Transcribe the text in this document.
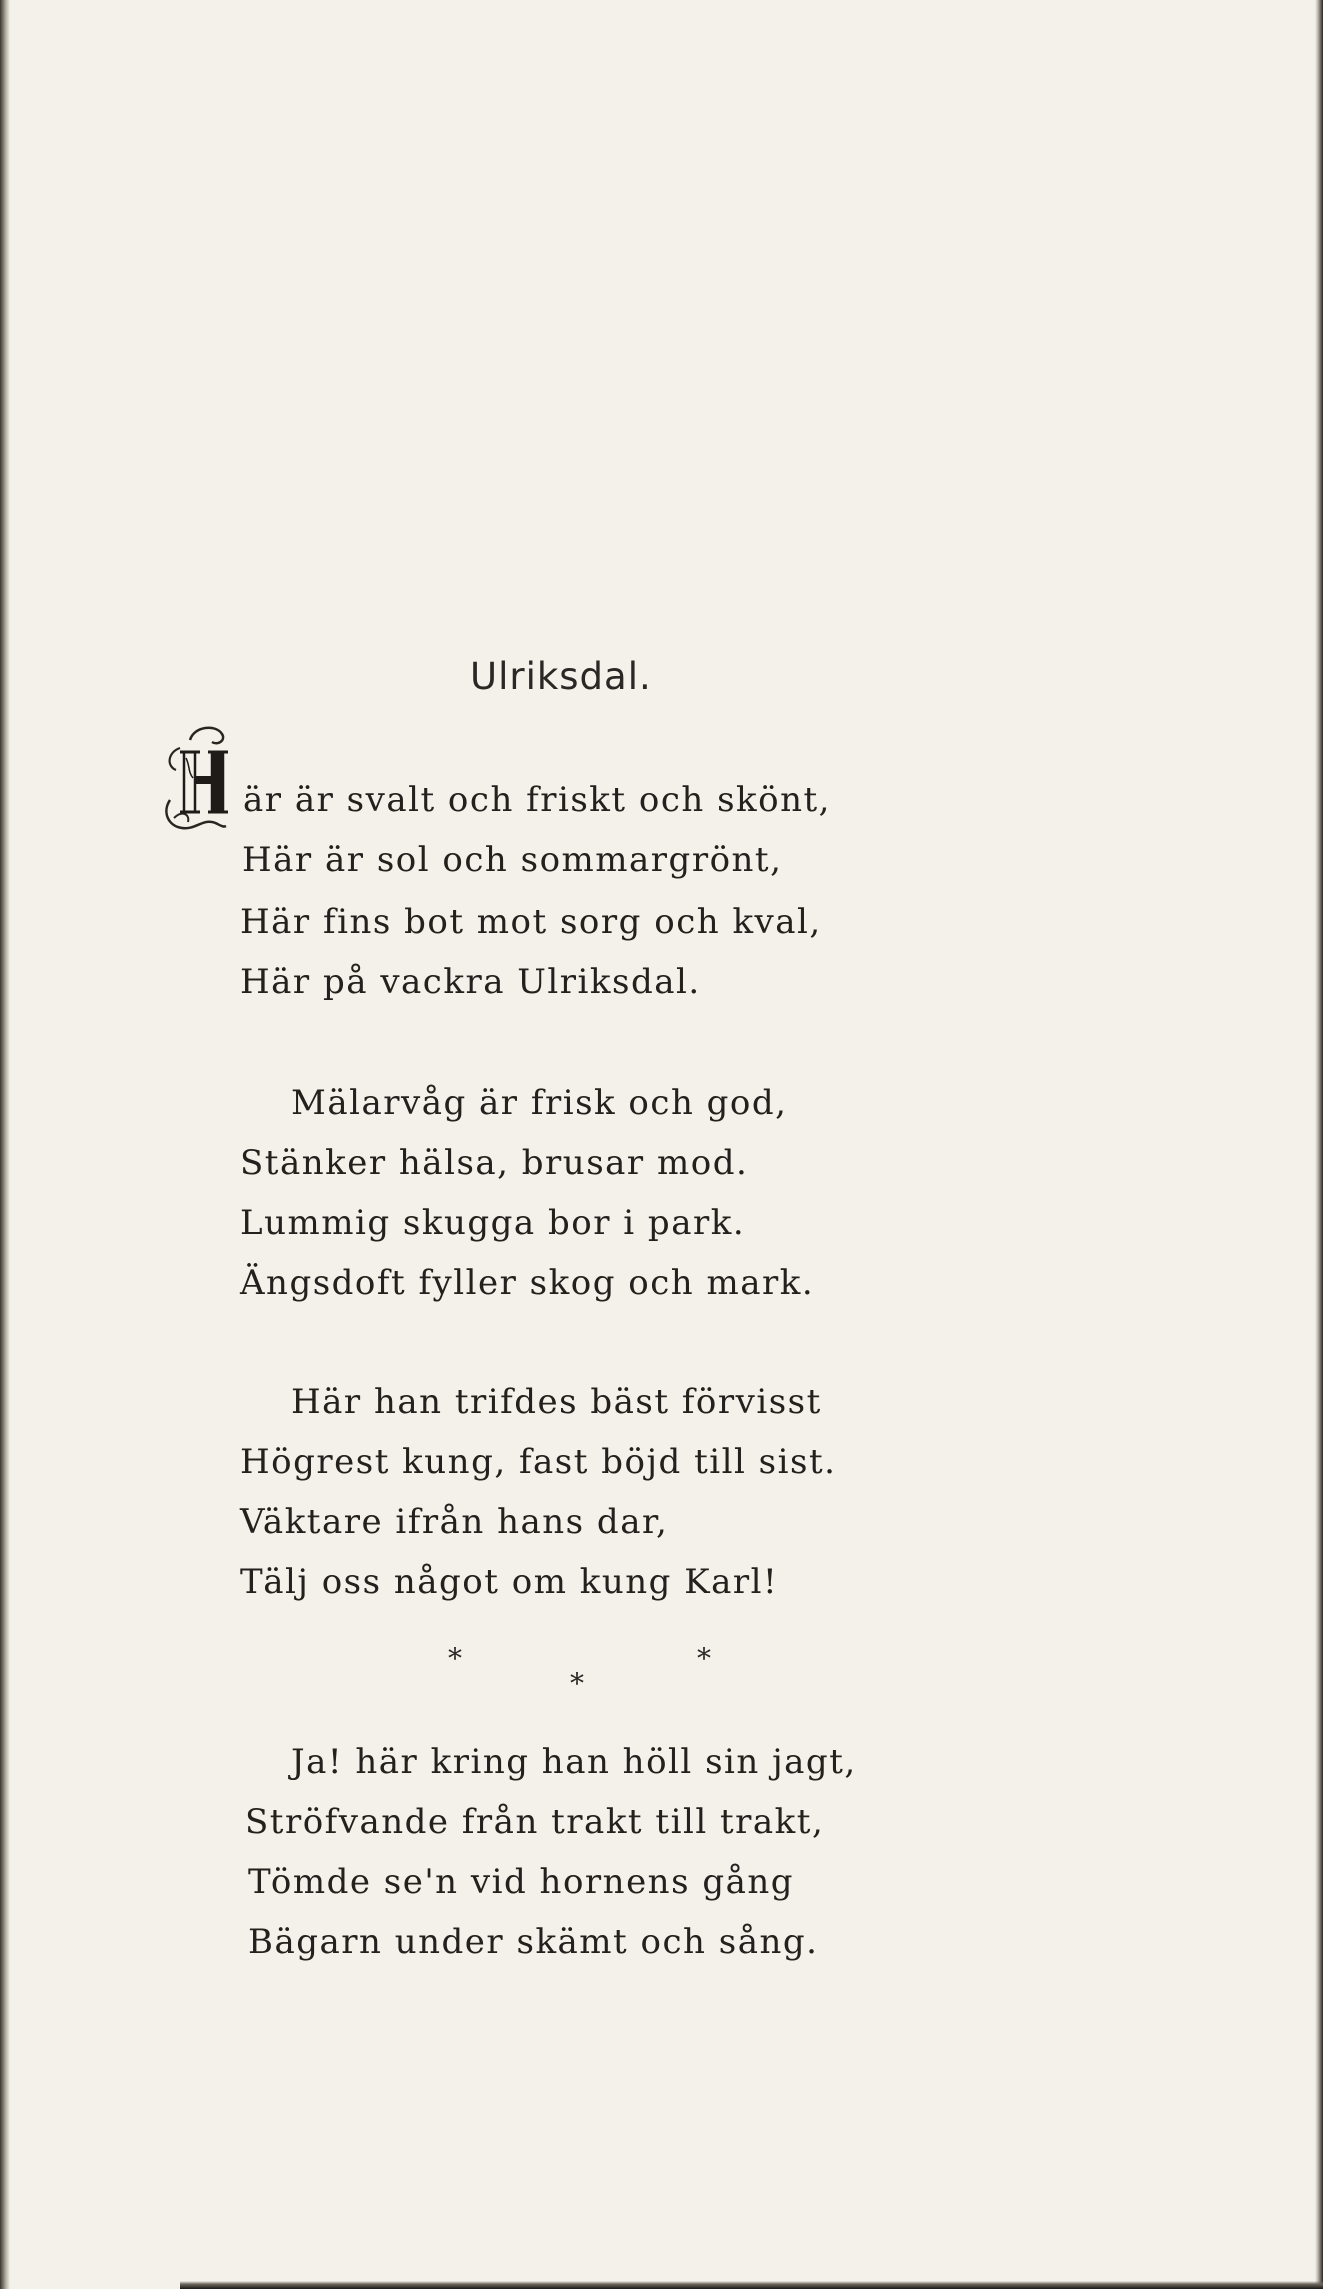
Ulriksdal.
är är svalt och friskt och skönt,
Här är sol och sommargrönt,
Här fins bot mot sorg och kval,
Här på vackra Ulriksdal.
Mälarvåg är frisk och god,
Stänker hälsa, brusar mod.
Lummig skugga bor i park.
Ängsdoft fyller skog och mark.
Här han trifdes bäst förvisst
Högrest kung, fast böjd till sist.
Väktare ifrån hans dar,
Tälj oss något om kung Karl!
*	*
*
Ja! här kring han höll sin jagt,
Ströfvande från trakt till trakt,
Tömde se'n vid hornens gång
Bägarn under skämt och sång.
